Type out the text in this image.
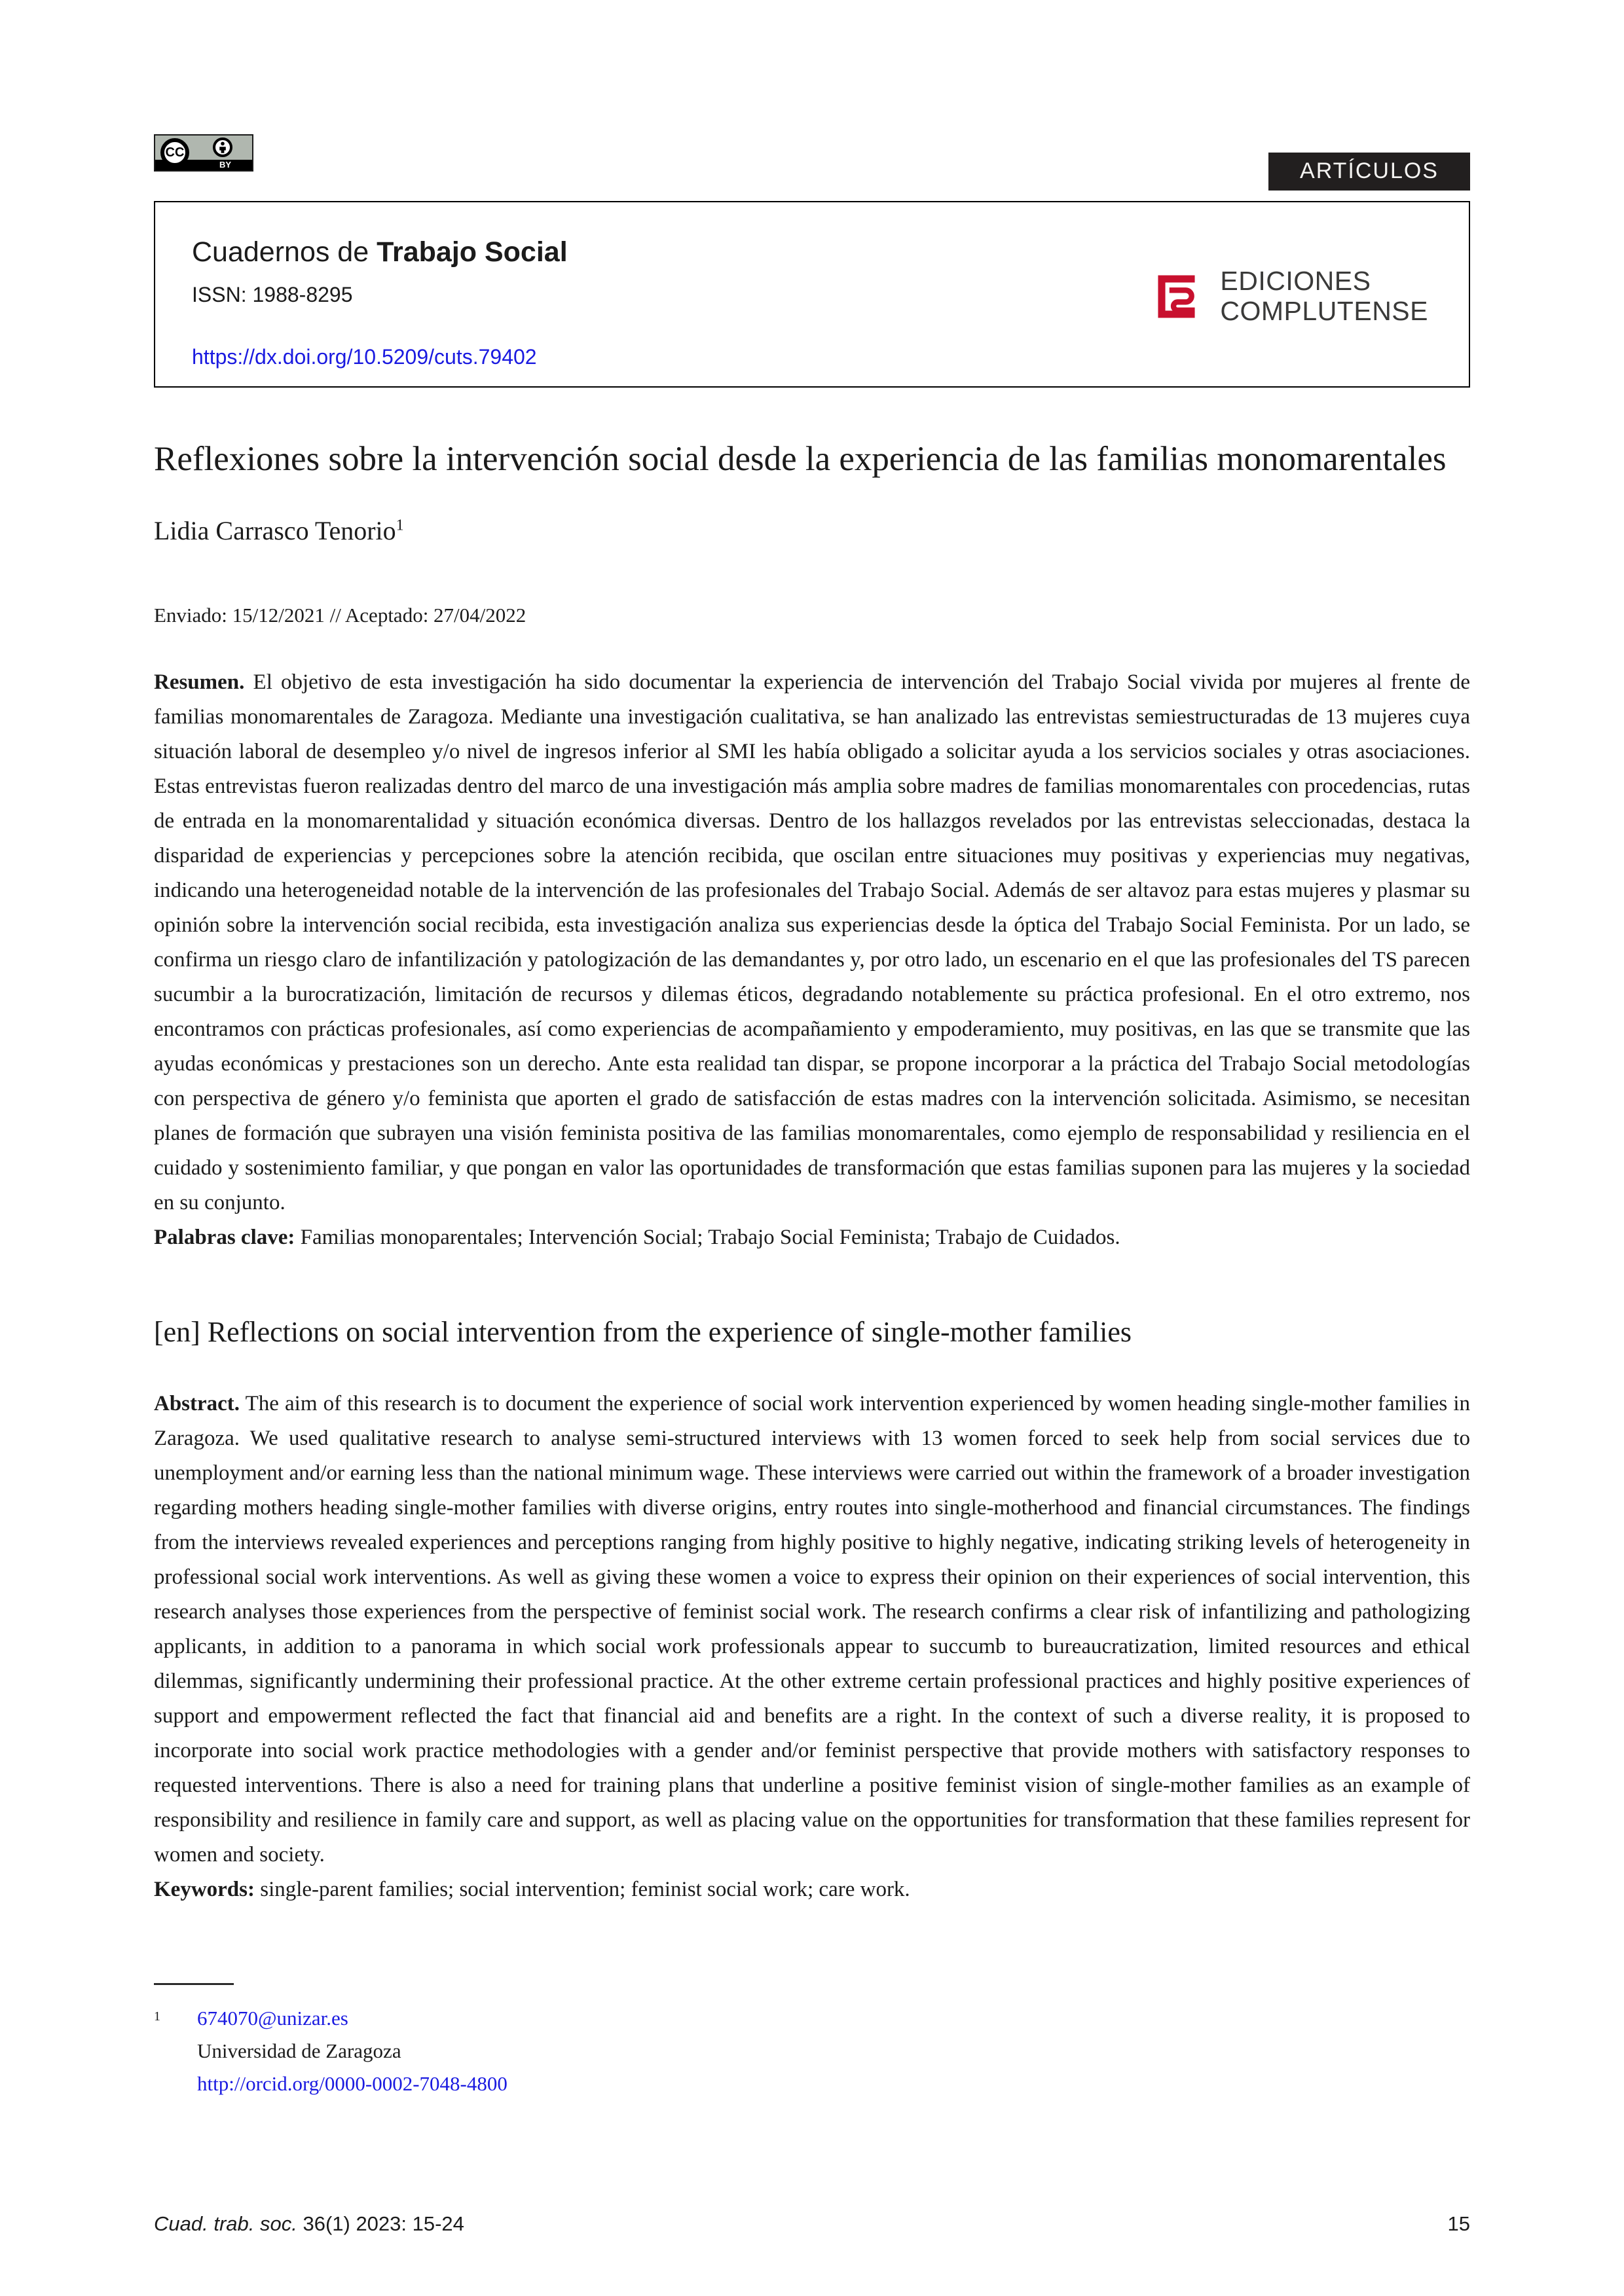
CC
BY	ARTÍCULOS
Cuadernos de Trabajo Social
ISSN: 1988-8295
https://dx.doi.org/10.5209/cuts.79402
EDICIONES
COMPLUTENSE
Reflexiones sobre la intervención social desde la experiencia de las familias monomarentales
Lidia Carrasco Tenorio$^1$
Enviado: 15/12/2021 // Aceptado: 27/04/2022

Resumen. El objetivo de esta investigación ha sido documentar la experiencia de intervención del Trabajo Social vivida por mujeres al frente de familias monomarentales de Zaragoza. Mediante una investigación cualitativa, se han analizado las entrevistas semiestructuradas de 13 mujeres cuya situación laboral de desempleo y/o nivel de ingresos inferior al SMI les había obligado a solicitar ayuda a los servicios sociales y otras asociaciones. Estas entrevistas fueron realizadas dentro del marco de una investigación más amplia sobre madres de familias monomarentales con procedencias, rutas de entrada en la monomarentalidad y situación económica diversas. Dentro de los hallazgos revelados por las entrevistas seleccionadas, destaca la disparidad de experiencias y percepciones sobre la atención recibida, que oscilan entre situaciones muy positivas y experiencias muy negativas, indicando una heterogeneidad notable de la intervención de las profesionales del Trabajo Social. Además de ser altavoz para estas mujeres y plasmar su opinión sobre la intervención social recibida, esta investigación analiza sus experiencias desde la óptica del Trabajo Social Feminista. Por un lado, se confirma un riesgo claro de infantilización y patologización de las demandantes y, por otro lado, un escenario en el que las profesionales del TS parecen sucumbir a la burocratización, limitación de recursos y dilemas éticos, degradando notablemente su práctica profesional. En el otro extremo, nos encontramos con prácticas profesionales, así como experiencias de acompañamiento y empoderamiento, muy positivas, en las que se transmite que las ayudas económicas y prestaciones son un derecho. Ante esta realidad tan dispar, se propone incorporar a la práctica del Trabajo Social metodologías con perspectiva de género y/o feminista que aporten el grado de satisfacción de estas madres con la intervención solicitada. Asimismo, se necesitan planes de formación que subrayen una visión feminista positiva de las familias monomarentales, como ejemplo de responsabilidad y resiliencia en el cuidado y sostenimiento familiar, y que pongan en valor las oportunidades de transformación que estas familias suponen para las mujeres y la sociedad en su conjunto.

Palabras clave: Familias monoparentales; Intervención Social; Trabajo Social Feminista; Trabajo de Cuidados.

[en] Reflections on social intervention from the experience of single-mother families

Abstract. The aim of this research is to document the experience of social work intervention experienced by women heading single-mother families in Zaragoza. We used qualitative research to analyse semi-structured interviews with 13 women forced to seek help from social services due to unemployment and/or earning less than the national minimum wage. These interviews were carried out within the framework of a broader investigation regarding mothers heading single-mother families with diverse origins, entry routes into single-motherhood and financial circumstances. The findings from the interviews revealed experiences and perceptions ranging from highly positive to highly negative, indicating striking levels of heterogeneity in professional social work interventions. As well as giving these women a voice to express their opinion on their experiences of social intervention, this research analyses those experiences from the perspective of feminist social work. The research confirms a clear risk of infantilizing and pathologizing applicants, in addition to a panorama in which social work professionals appear to succumb to bureaucratization, limited resources and ethical dilemmas, significantly undermining their professional practice. At the other extreme certain professional practices and highly positive experiences of support and empowerment reflected the fact that financial aid and benefits are a right. In the context of such a diverse reality, it is proposed to incorporate into social work practice methodologies with a gender and/or feminist perspective that provide mothers with satisfactory responses to requested interventions. There is also a need for training plans that underline a positive feminist vision of single-mother families as an example of responsibility and resilience in family care and support, as well as placing value on the opportunities for transformation that these families represent for women and society.

Keywords: single-parent families; social intervention; feminist social work; care work.

1	674070@unizar.es
Universidad de Zaragoza
http://orcid.org/0000-0002-7048-4800
Cuad. trab. soc. 36(1) 2023: 15-24	15
